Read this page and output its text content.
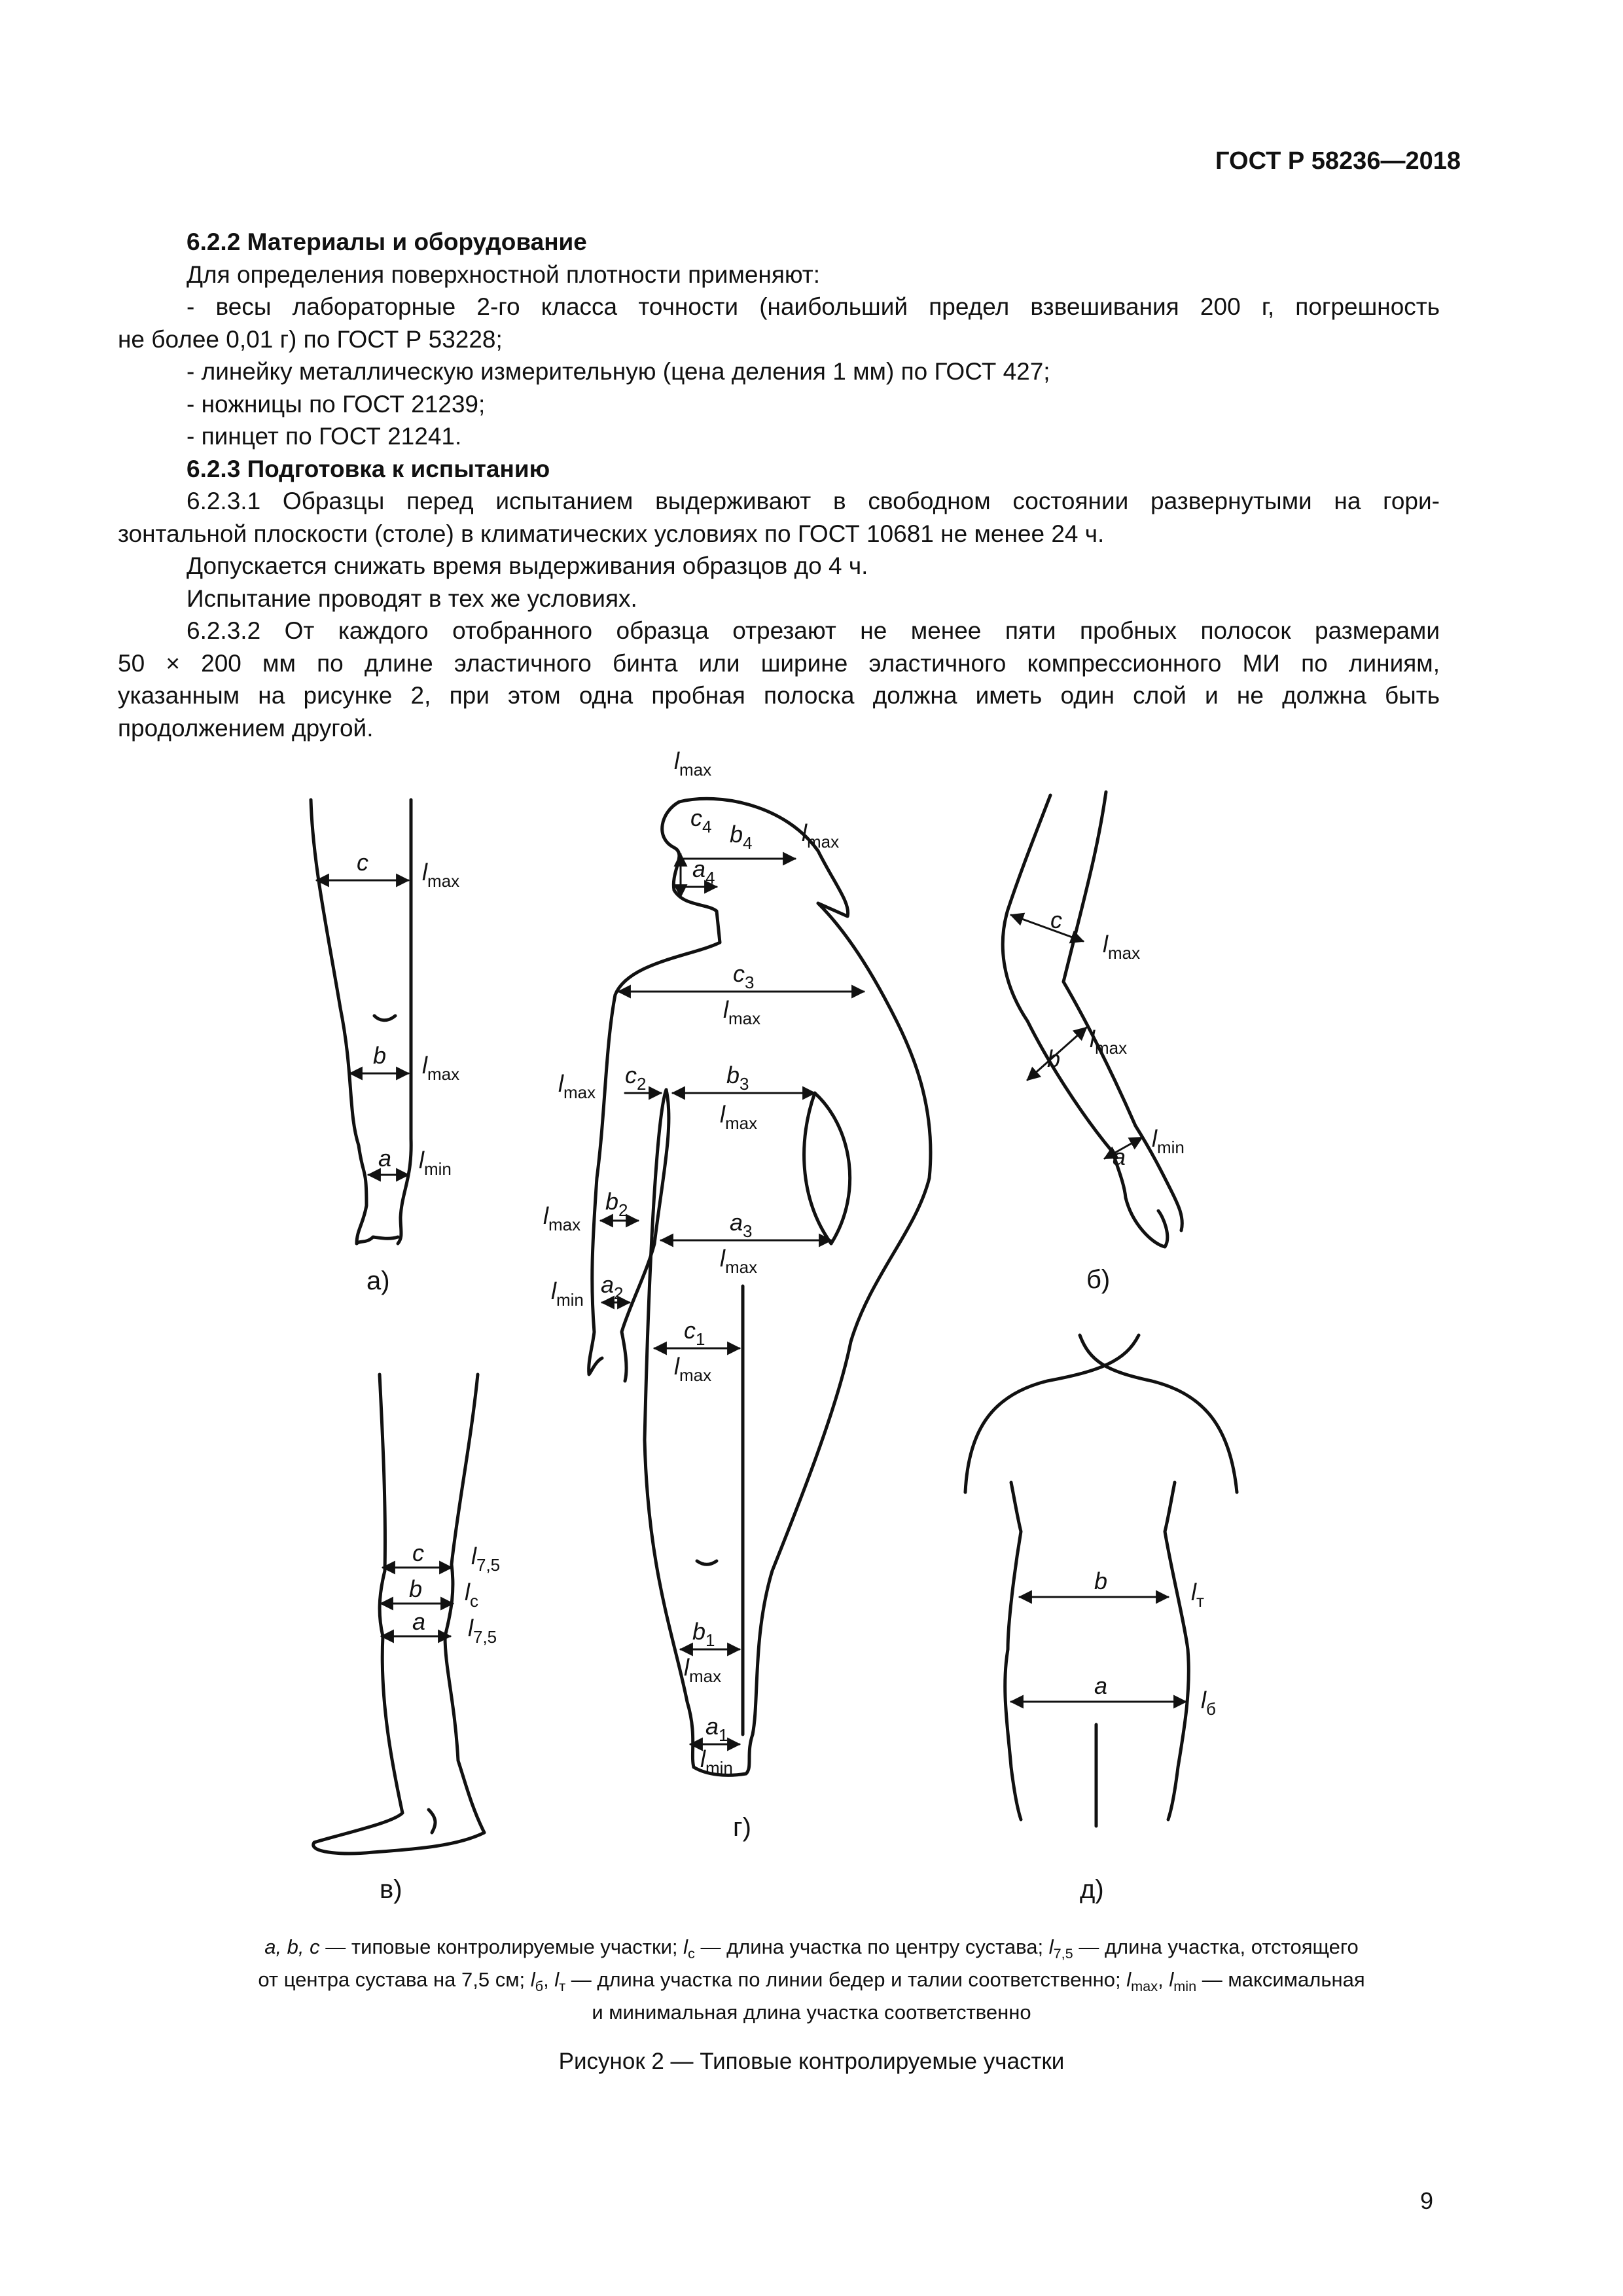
ГОСТ Р 58236—2018

6.2.2 Материалы и оборудование

Для определения поверхностной плотности применяют:

- весы лабораторные 2-го класса точности (наибольший предел взвешивания 200 г, погрешность

не более 0,01 г) по ГОСТ Р 53228;

- линейку металлическую измерительную (цена деления 1 мм) по ГОСТ 427;

- ножницы по ГОСТ 21239;

- пинцет по ГОСТ 21241.

6.2.3 Подготовка к испытанию

6.2.3.1 Образцы перед испытанием выдерживают в свободном состоянии развернутыми на гори-

зонтальной плоскости (столе) в климатических условиях по ГОСТ 10681 не менее 24 ч.

Допускается снижать время выдерживания образцов до 4 ч.

Испытание проводят в тех же условиях.

6.2.3.2 От каждого отобранного образца отрезают не менее пяти пробных полосок размерами

50 × 200 мм по длине эластичного бинта или ширине эластичного компрессионного МИ по линиям,

указанным на рисунке 2, при этом одна пробная полоска должна иметь один слой и не должна быть

продолжением другой.

c $l_{max}$
b $l_{max}$
a $l_{min}$
а)
$l_{max}$
$c_4$ $b_4$ $l_{max}$
$a_4$
$c_3$
$l_{max}$
$l_{max}$
$c_2$	$b_3$
$l_{max}$
$b_2$
$l_{max}$	$a_3$
$l_{max}$
$l_{min}$
$a_2$
$c_1$
$l_{max}$
$b_1$
$l_{max}$
$a_1$
$l_{min}$
г)
c
$l_{max}$
b
$l_{max}$
a
$l_{min}$
б)
c $l_{7,5}$
b $l_с$
a $l_{7,5}$
в)
b	$l_т$
a
$l_б$
д)

a, b, c — типовые контролируемые участки; $l_с$ — длина участка по центру сустава; $l_{7,5}$ — длина участка, отстоящего

от центра сустава на 7,5 см; $l_б$, $l_т$ — длина участка по линии бедер и талии соответственно; $l_{max}$, $l_{min}$ — максимальная

и минимальная длина участка соответственно

Рисунок 2 — Типовые контролируемые участки
9
